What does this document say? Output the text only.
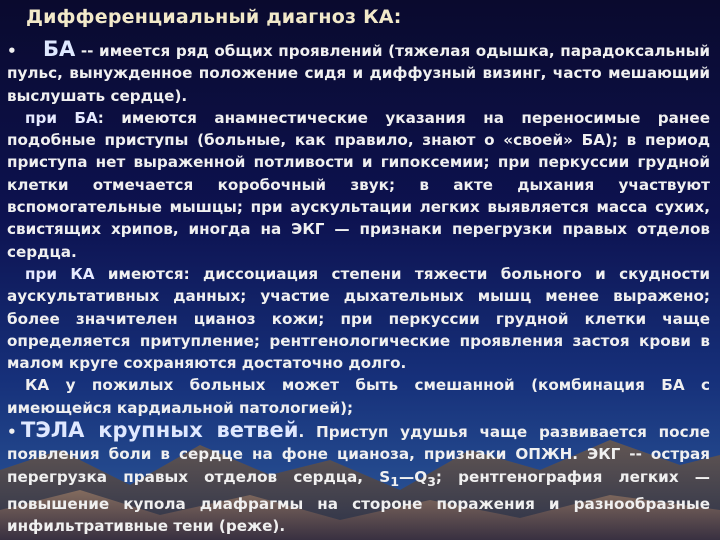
Дифференциальный диагноз КА:

• БА -- имеется ряд общих проявлений (тяжелая одышка, парадоксальный пульс, вынужденное положение сидя и диффузный визинг, часто мешающий выслушать сердце).

при БА: имеются анамнестические указания на переносимые ранее подобные приступы (больные, как правило, знают о «своей» БА); в период приступа нет выраженной потливости и гипоксемии; при перкуссии грудной клетки отмечается коробочный звук; в акте дыхания участвуют вспомогательные мышцы; при аускультации легких выявляется масса сухих, свистящих хрипов, иногда на ЭКГ — признаки перегрузки правых отделов сердца.

при КА имеются: диссоциация степени тяжести больного и скудности аускультативных данных; участие дыхательных мышц менее выражено; более значителен цианоз кожи; при перкуссии грудной клетки чаще определяется притупление; рентгенологические проявления застоя крови в малом круге сохраняются достаточно долго.

КА у пожилых больных может быть смешанной (комбинация БА с имеющейся кардиальной патологией);

• ТЭЛА крупных ветвей. Приступ удушья чаще развивается после появления боли в сердце на фоне цианоза, признаки ОПЖН. ЭКГ -- острая перегрузка правых отделов сердца, $S_1—Q_3$; рентгенография легких — повышение купола диафрагмы на стороне поражения и разнообразные инфильтративные тени (реже).
